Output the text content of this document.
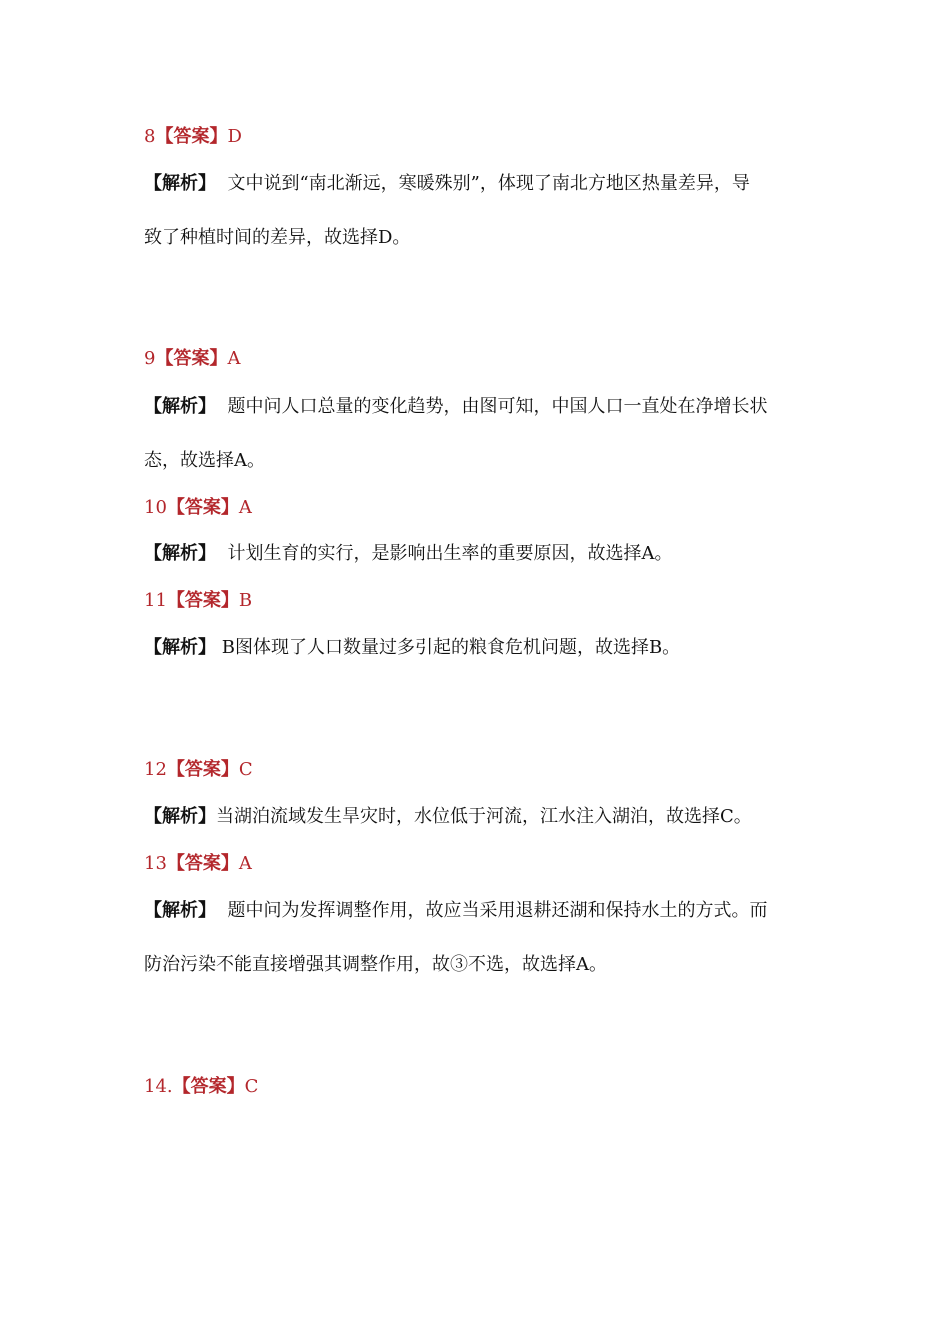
8【答案】D
【解析】  文中说到“南北渐远，寒暖殊别”，体现了南北方地区热量差异，导
致了种植时间的差异，故选择D。
9【答案】A
【解析】  题中问人口总量的变化趋势，由图可知，中国人口一直处在净增长状
态，故选择A。
10【答案】A
【解析】  计划生育的实行，是影响出生率的重要原因，故选择A。
11【答案】B
【解析】 B图体现了人口数量过多引起的粮食危机问题，故选择B。
12【答案】C
【解析】当湖泊流域发生旱灾时，水位低于河流，江水注入湖泊，故选择C。
13【答案】A
【解析】  题中问为发挥调整作用，故应当采用退耕还湖和保持水土的方式。而
防治污染不能直接增强其调整作用，故③不选，故选择A。
14.【答案】C
